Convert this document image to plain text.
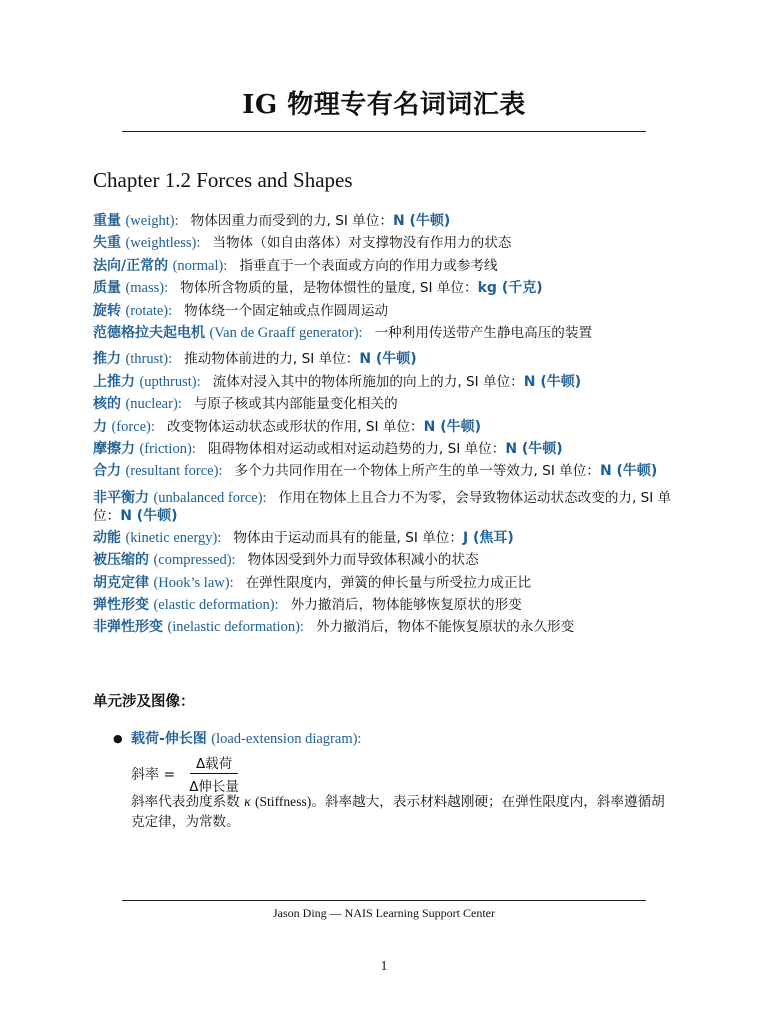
IG 物理专有名词词汇表
Chapter 1.2 Forces and Shapes
重量 (weight): 物体因重力而受到的力, SI 单位：N (牛顿)
失重 (weightless): 当物体（如自由落体）对支撑物没有作用力的状态
法向/正常的 (normal): 指垂直于一个表面或方向的作用力或参考线
质量 (mass): 物体所含物质的量，是物体惯性的量度, SI 单位：kg (千克)
旋转 (rotate): 物体绕一个固定轴或点作圆周运动
范德格拉夫起电机 (Van de Graaff generator): 一种利用传送带产生静电高压的装置
推力 (thrust): 推动物体前进的力, SI 单位：N (牛顿)
上推力 (upthrust): 流体对浸入其中的物体所施加的向上的力, SI 单位：N (牛顿)
核的 (nuclear): 与原子核或其内部能量变化相关的
力 (force): 改变物体运动状态或形状的作用, SI 单位：N (牛顿)
摩擦力 (friction): 阻碍物体相对运动或相对运动趋势的力, SI 单位：N (牛顿)
合力 (resultant force): 多个力共同作用在一个物体上所产生的单一等效力, SI 单位：N (牛顿)
非平衡力 (unbalanced force): 作用在物体上且合力不为零，会导致物体运动状态改变的力, SI 单位：N (牛顿)
动能 (kinetic energy): 物体由于运动而具有的能量, SI 单位：J (焦耳)
被压缩的 (compressed): 物体因受到外力而导致体积减小的状态
胡克定律 (Hook’s law): 在弹性限度内，弹簧的伸长量与所受拉力成正比
弹性形变 (elastic deformation): 外力撤消后，物体能够恢复原状的形变
非弹性形变 (inelastic deformation): 外力撤消后，物体不能恢复原状的永久形变
单元涉及图像：
● 载荷-伸长图 (load-extension diagram):
斜率 = $\frac{\text{Δ载荷}}{\text{Δ伸长量}}$
斜率代表劲度系数 κ (Stiffness)。斜率越大，表示材料越刚硬；在弹性限度内，斜率遵循胡克定律，为常数。
Jason Ding — NAIS Learning Support Center
1
